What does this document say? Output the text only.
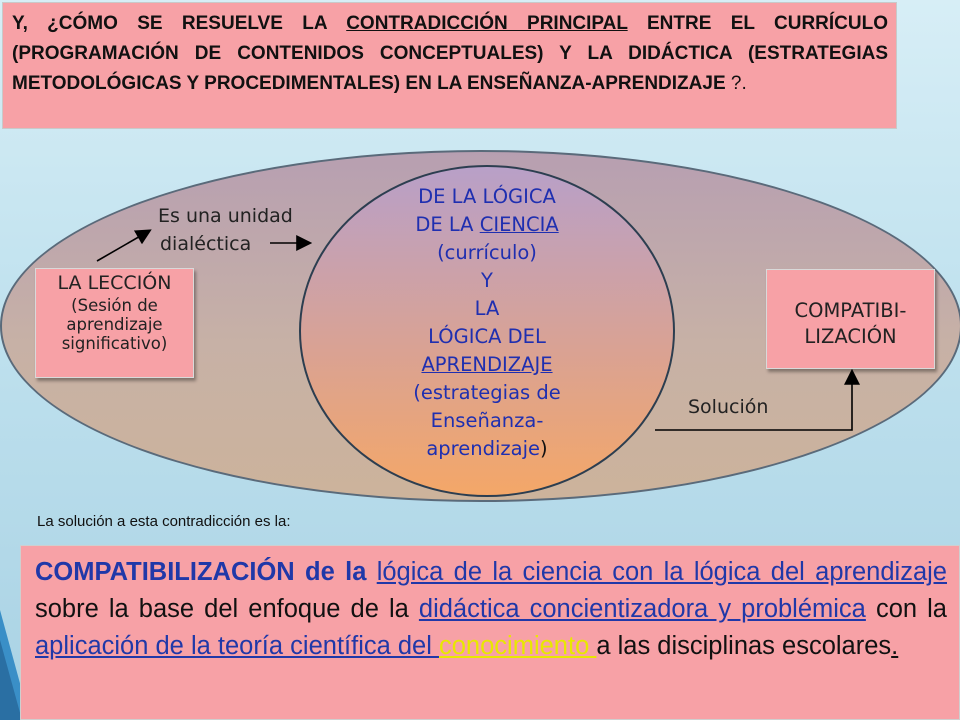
Y, ¿CÓMO SE RESUELVE LA CONTRADICCIÓN PRINCIPAL ENTRE EL CURRÍCULO (PROGRAMACIÓN DE CONTENIDOS CONCEPTUALES) Y LA DIDÁCTICA (ESTRATEGIAS METODOLÓGICAS Y PROCEDIMENTALES) EN LA ENSEÑANZA-APRENDIZAJE ?.
DE LA LÓGICA
DE LA CIENCIA
(currículo)
Y
LA
LÓGICA DEL
APRENDIZAJE
(estrategias de
Enseñanza-
aprendizaje)
Es una unidad
dialéctica
LA LECCIÓN
(Sesión de
aprendizaje
significativo)
COMPATIBI-
LIZACIÓN
Solución
La solución a esta contradicción es la:
COMPATIBILIZACIÓN de la lógica de la ciencia con la lógica del aprendizaje sobre la base del enfoque de la didáctica concientizadora y problémica con la aplicación de la teoría científica del conocimiento a las disciplinas escolares.
